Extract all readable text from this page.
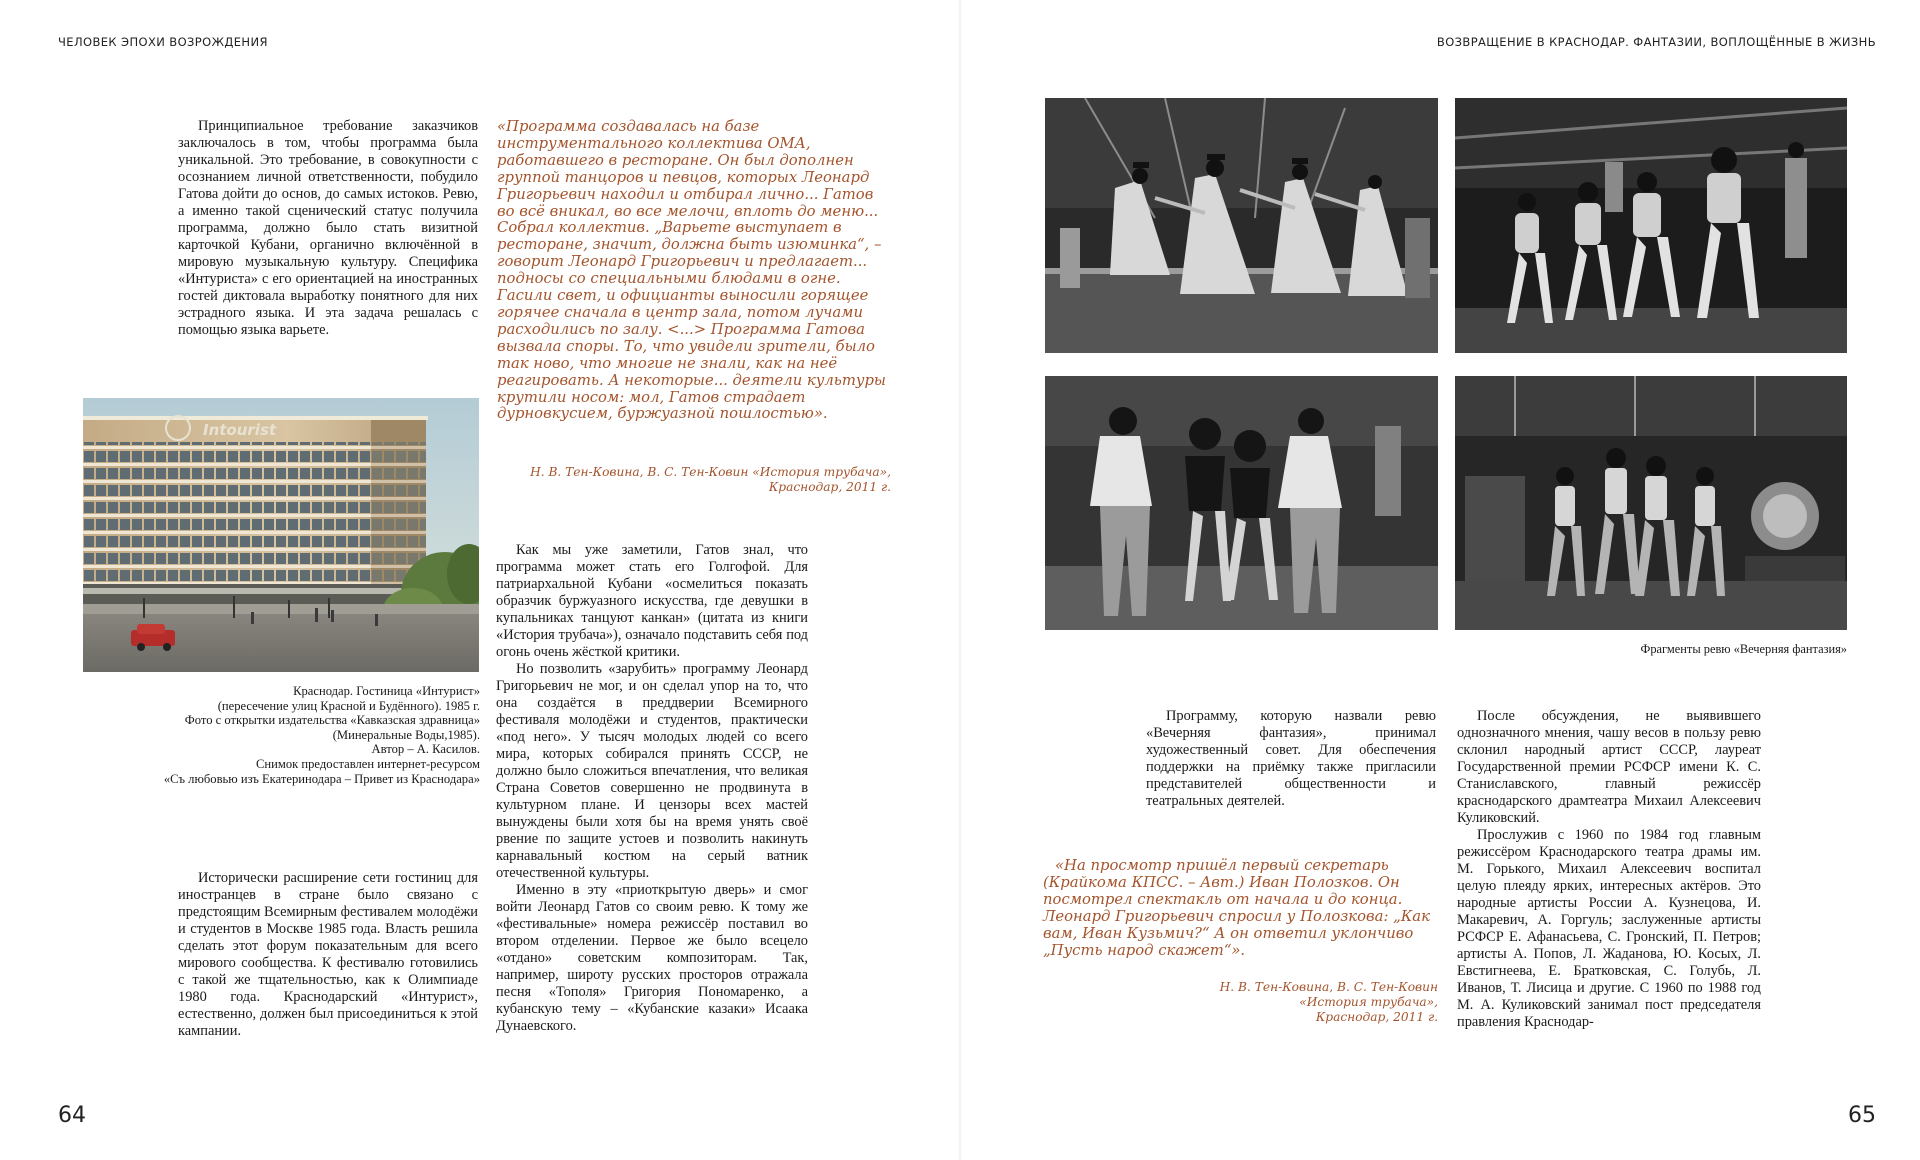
ЧЕЛОВЕК ЭПОХИ ВОЗРОЖДЕНИЯ

Принципиальное требование заказчиков заключалось в том, чтобы программа была уникальной. Это требование, в совокупности с осознанием личной ответственности, побудило Гатова дойти до основ, до самых истоков. Ревю, а именно такой сценический статус получила программа, должно было стать визитной карточкой Кубани, органично включённой в мировую музыкальную культуру. Специфика «Интуриста» с его ориентацией на иностранных гостей диктовала выработку понятного для них эстрадного языка. И эта задача решалась с помощью языка варьете.

Intourist
Краснодар. Гостиница «Интурист»
(пересечение улиц Красной и Будённого). 1985 г.
Фото с открытки издательства «Кавказская здравница»
(Минеральные Воды,1985).
Автор – А. Касилов.
Снимок предоставлен интернет-ресурсом
«Съ любовью изъ Екатеринодара – Привет из Краснодара»

Исторически расширение сети гостиниц для иностранцев в стране было связано с предстоящим Всемирным фестивалем молодёжи и студентов в Москве 1985 года. Власть решила сделать этот форум показательным для всего мирового сообщества. К фестивалю готовились с такой же тщательностью, как к Олимпиаде 1980 года. Краснодарский «Интурист», естественно, должен был присоединиться к этой кампании.

«Программа создавалась на базе инструментального коллектива ОМА, работавшего в ресторане. Он был дополнен группой танцоров и певцов, которых Леонард Григорьевич находил и отбирал лично... Гатов во всё вникал, во все мелочи, вплоть до меню... Собрал коллектив. „Варьете выступает в ресторане, значит, должна быть изюминка“, – говорит Леонард Григорьевич и предлагает... подносы со специальными блюдами в огне. Гасили свет, и официанты выносили горящее горячее сначала в центр зала, потом лучами расходились по залу. <...> Программа Гатова вызвала споры. То, что увидели зрители, было так ново, что многие не знали, как на неё реагировать. А некоторые... деятели культуры крутили носом: мол, Гатов страдает дурновкусием, буржуазной пошлостью».
Н. В. Тен-Ковина, В. С. Тен-Ковин «История трубача»,
Краснодар, 2011 г.

Как мы уже заметили, Гатов знал, что программа может стать его Голгофой. Для патриархальной Кубани «осмелиться показать образчик буржуазного искусства, где девушки в купальниках танцуют канкан» (цитата из книги «История трубача»), означало подставить себя под огонь очень жёсткой критики.

Но позволить «зарубить» программу Леонард Григорьевич не мог, и он сделал упор на то, что она создаётся в преддверии Всемирного фестиваля молодёжи и студентов, практически «под него». У тысяч молодых людей со всего мира, которых собирался принять СССР, не должно было сложиться впечатления, что великая Страна Советов совершенно не продвинута в культурном плане. И цензоры всех мастей вынуждены были хотя бы на время унять своё рвение по защите устоев и позволить накинуть карнавальный костюм на серый ватник отечественной культуры.

Именно в эту «приоткрытую дверь» и смог войти Леонард Гатов со своим ревю. К тому же «фестивальные» номера режиссёр поставил во втором отделении. Первое же было всецело «отдано» советским композиторам. Так, например, широту русских просторов отражала песня «Тополя» Григория Пономаренко, а кубанскую тему – «Кубанские казаки» Исаака Дунаевского.

64
ВОЗВРАЩЕНИЕ В КРАСНОДАР. ФАНТАЗИИ, ВОПЛОЩЁННЫЕ В ЖИЗНЬ
Фрагменты ревю «Вечерняя фантазия»

Программу, которую назвали ревю «Вечерняя фантазия», принимал художественный совет. Для обеспечения поддержки на приёмку также пригласили представителей общественности и театральных деятелей.

«На просмотр пришёл первый секретарь (Крайкома КПСС. – Авт.) Иван Полозков. Он посмотрел спектакль от начала и до конца. Леонард Григорьевич спросил у Полозкова: „Как вам, Иван Кузьмич?“ А он ответил уклончиво „Пусть народ скажет“».
Н. В. Тен-Ковина, В. С. Тен-Ковин
«История трубача»,
Краснодар, 2011 г.

После обсуждения, не выявившего однозначного мнения, чашу весов в пользу ревю склонил народный артист СССР, лауреат Государственной премии РСФСР имени К. С. Станиславского, главный режиссёр краснодарского драмтеатра Михаил Алексеевич Куликовский.

Прослужив с 1960 по 1984 год главным режиссёром Краснодарского театра драмы им. М. Горького, Михаил Алексеевич воспитал целую плеяду ярких, интересных актёров. Это народные артисты России А. Кузнецова, И. Макаревич, А. Горгуль; заслуженные артисты РСФСР Е. Афанасьева, С. Гронский, П. Петров; артисты А. Попов, Л. Жаданова, Ю. Косых, Л. Евстигнеева, Е. Братковская, С. Голубь, Л. Иванов, Т. Лисица и другие. С 1960 по 1988 год М. А. Куликовский занимал пост председателя правления Краснодар-

65
